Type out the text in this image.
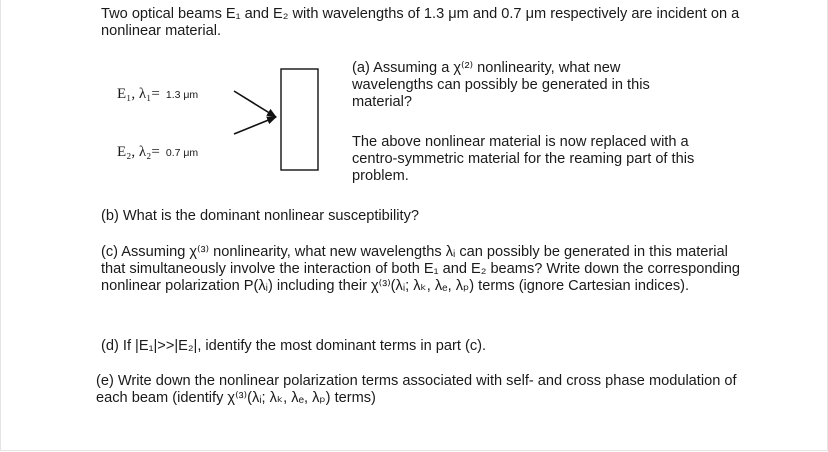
Two optical beams E₁ and E₂ with wavelengths of 1.3 μm and 0.7 μm respectively are incident on a nonlinear material.

E₁, λ₁= 1.3 μm
E₂, λ₂= 0.7 μm

(a) Assuming a χ⁽²⁾ nonlinearity, what new wavelengths can possibly be generated in this material?

The above nonlinear material is now replaced with a centro-symmetric material for the reaming part of this problem.

(b) What is the dominant nonlinear susceptibility?

(c) Assuming χ⁽³⁾ nonlinearity, what new wavelengths λᵢ can possibly be generated in this material that simultaneously involve the interaction of both E₁ and E₂ beams? Write down the corresponding nonlinear polarization P(λᵢ) including their χ⁽³⁾(λᵢ; λₖ, λₑ, λₚ) terms (ignore Cartesian indices).

(d) If |E₁|>>|E₂|, identify the most dominant terms in part (c).

(e) Write down the nonlinear polarization terms associated with self- and cross phase modulation of each beam (identify χ⁽³⁾(λᵢ; λₖ, λₑ, λₚ) terms)
